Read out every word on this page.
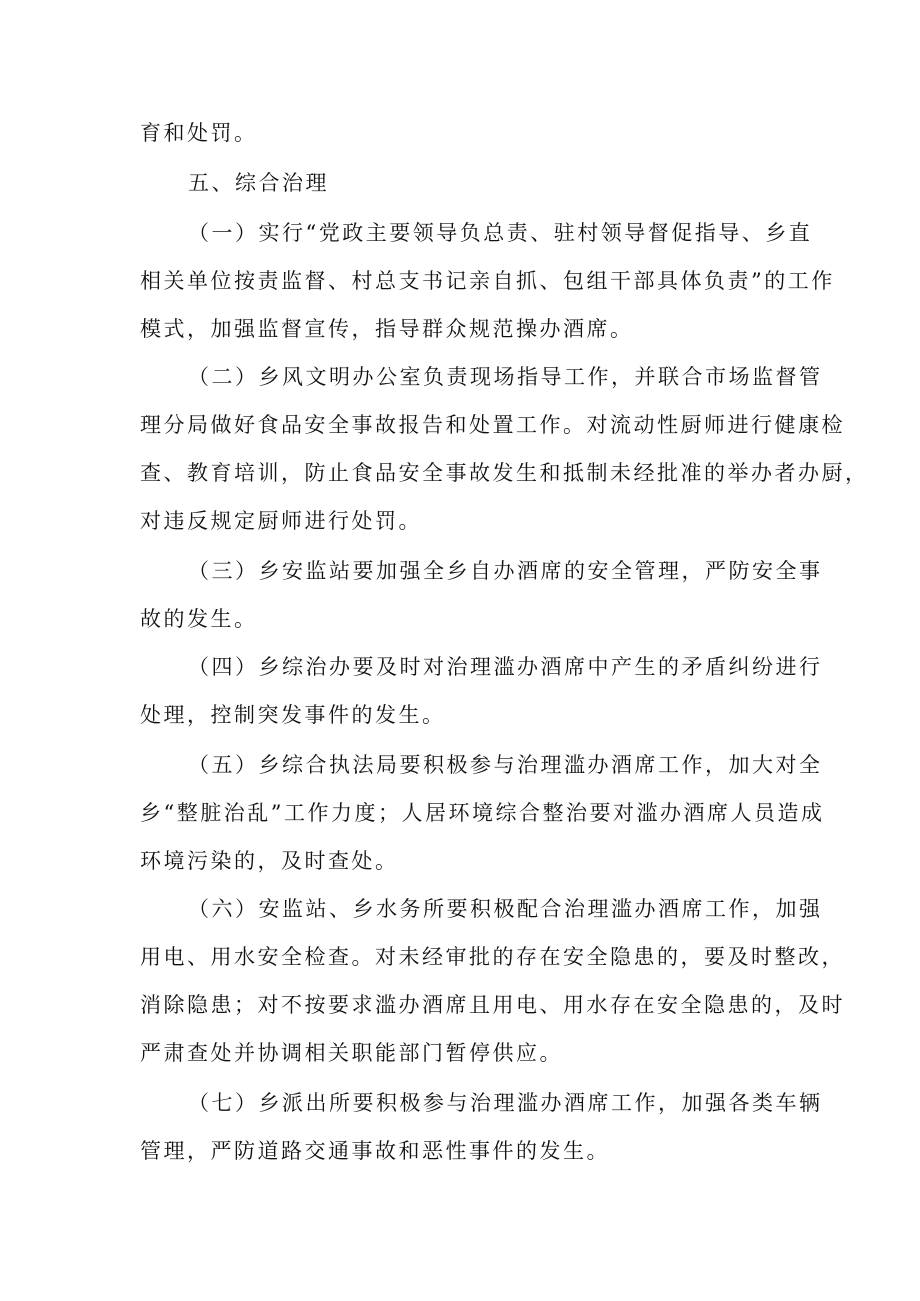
育和处罚。
五、综合治理
（一）实行“党政主要领导负总责、驻村领导督促指导、乡直
相关单位按责监督、村总支书记亲自抓、包组干部具体负责”的工作
模式，加强监督宣传，指导群众规范操办酒席。
（二）乡风文明办公室负责现场指导工作，并联合市场监督管
理分局做好食品安全事故报告和处置工作。对流动性厨师进行健康检
查、教育培训，防止食品安全事故发生和抵制未经批准的举办者办厨，
对违反规定厨师进行处罚。
（三）乡安监站要加强全乡自办酒席的安全管理，严防安全事
故的发生。
（四）乡综治办要及时对治理滥办酒席中产生的矛盾纠纷进行
处理，控制突发事件的发生。
（五）乡综合执法局要积极参与治理滥办酒席工作，加大对全
乡“整脏治乱”工作力度；人居环境综合整治要对滥办酒席人员造成
环境污染的，及时查处。
（六）安监站、乡水务所要积极配合治理滥办酒席工作，加强
用电、用水安全检查。对未经审批的存在安全隐患的，要及时整改，
消除隐患；对不按要求滥办酒席且用电、用水存在安全隐患的，及时
严肃查处并协调相关职能部门暂停供应。
（七）乡派出所要积极参与治理滥办酒席工作，加强各类车辆
管理，严防道路交通事故和恶性事件的发生。
